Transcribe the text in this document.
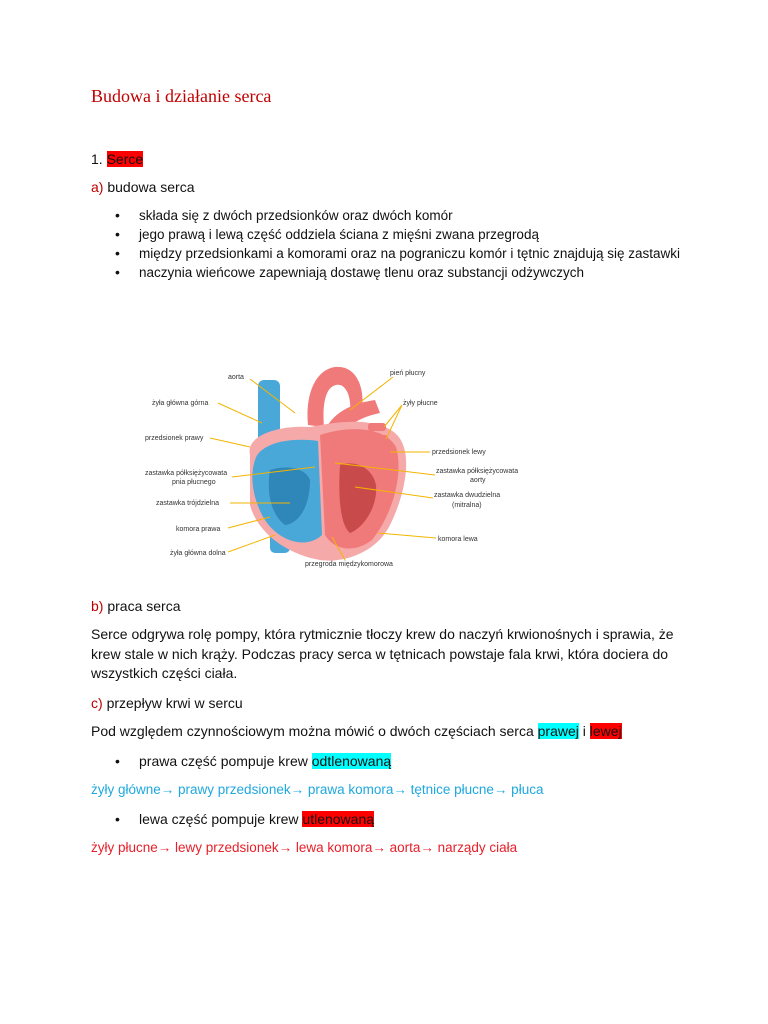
Budowa i działanie serca

1. Serce

a) budowa serca

• składa się z dwóch przedsionków oraz dwóch komór
• jego prawą i lewą część oddziela ściana z mięśni zwana przegrodą
• między przedsionkami a komorami oraz na pograniczu komór i tętnic znajdują się zastawki
• naczynia wieńcowe zapewniają dostawę tlenu oraz substancji odżywczych
aorta
pień płucny
żyła główna górna	żyły płucne
przedsionek prawy
przedsionek lewy
zastawka półksiężycowata
pnia płucnego
zastawka półksiężycowata
aorty
zastawka trójdzielna
zastawka dwudzielna
(mitralna)
komora prawa
komora lewa
żyła główna dolna
przegroda międzykomorowa

b) praca serca

Serce odgrywa rolę pompy, która rytmicznie tłoczy krew do naczyń krwionośnych i sprawia, że krew stale w nich krąży. Podczas pracy serca w tętnicach powstaje fala krwi, która dociera do wszystkich części ciała.

c) przepływ krwi w sercu

Pod względem czynnościowym można mówić o dwóch częściach serca prawej i lewej

• prawa część pompuje krew odtlenowaną

żyły główne→ prawy przedsionek→ prawa komora→ tętnice płucne→ płuca

• lewa część pompuje krew utlenowaną

żyły płucne→ lewy przedsionek→ lewa komora→ aorta→ narządy ciała
